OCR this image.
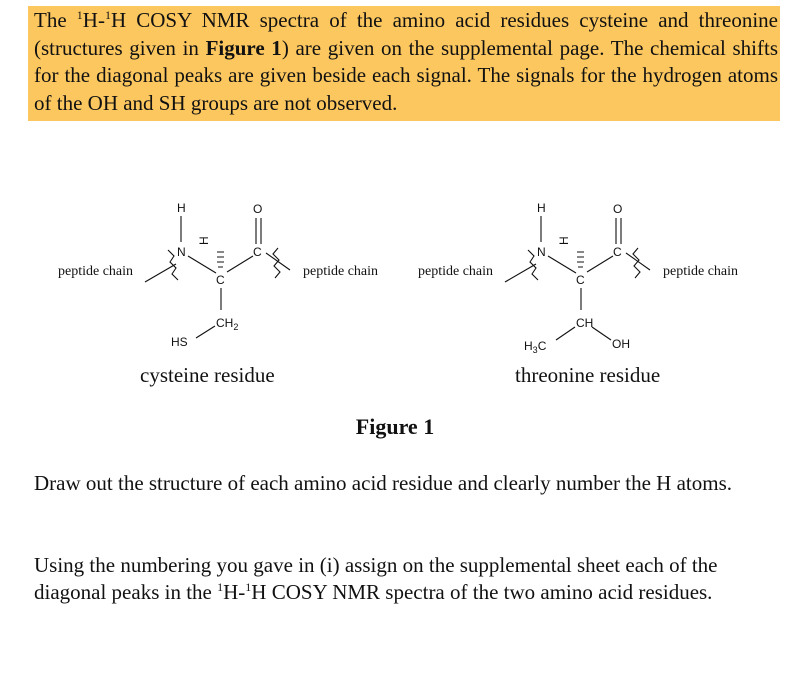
The $^1$H-$^1$H COSY NMR spectra of the amino acid residues cysteine and threonine (structures given in Figure 1) are given on the supplemental page. The chemical shifts for the diagonal peaks are given beside each signal. The signals for the hydrogen atoms of the OH and SH groups are not observed.

peptide chain
H
N
C
H
C
O
peptide chain
$CH_2$
HS
cysteine residue
peptide chain
H
N
C
H
C
O
peptide chain
CH
$H_3C$	OH
threonine residue

Figure 1

Draw out the structure of each amino acid residue and clearly number the H atoms.

Using the numbering you gave in (i) assign on the supplemental sheet each of the diagonal peaks in the $^1$H-$^1$H COSY NMR spectra of the two amino acid residues.
